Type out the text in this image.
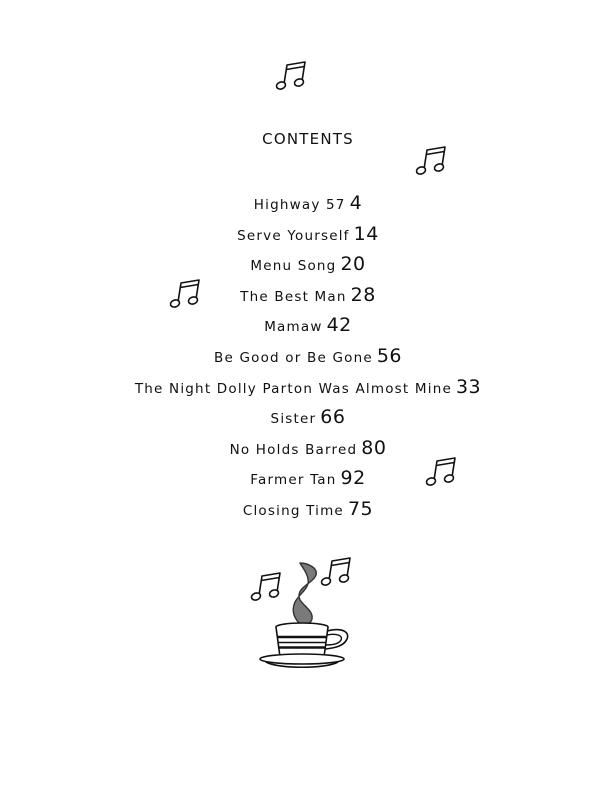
CONTENTS
Highway 57 4
Serve Yourself 14
Menu Song 20
The Best Man 28
Mamaw 42
Be Good or Be Gone 56
The Night Dolly Parton Was Almost Mine 33
Sister 66
No Holds Barred 80
Farmer Tan 92
Closing Time 75
